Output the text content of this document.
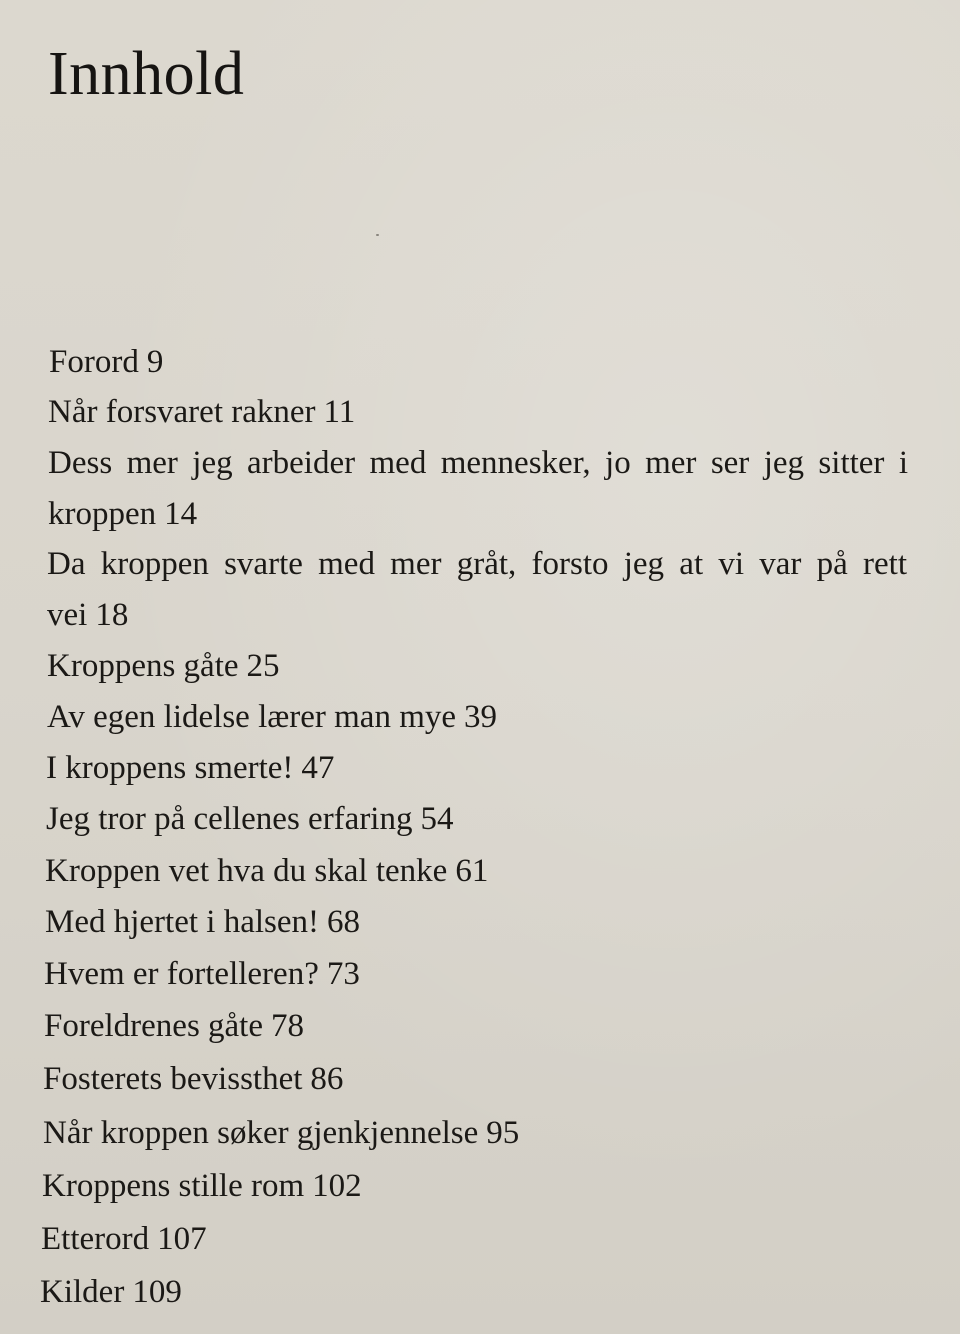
Innhold
Forord 9
Når forsvaret rakner 11
Dess mer jeg arbeider med mennesker, jo mer ser jeg sitter i
kroppen 14
Da kroppen svarte med mer gråt, forsto jeg at vi var på rett
vei 18
Kroppens gåte 25
Av egen lidelse lærer man mye 39
I kroppens smerte! 47
Jeg tror på cellenes erfaring 54
Kroppen vet hva du skal tenke 61
Med hjertet i halsen! 68
Hvem er fortelleren? 73
Foreldrenes gåte 78
Fosterets bevissthet 86
Når kroppen søker gjenkjennelse 95
Kroppens stille rom 102
Etterord 107
Kilder 109
